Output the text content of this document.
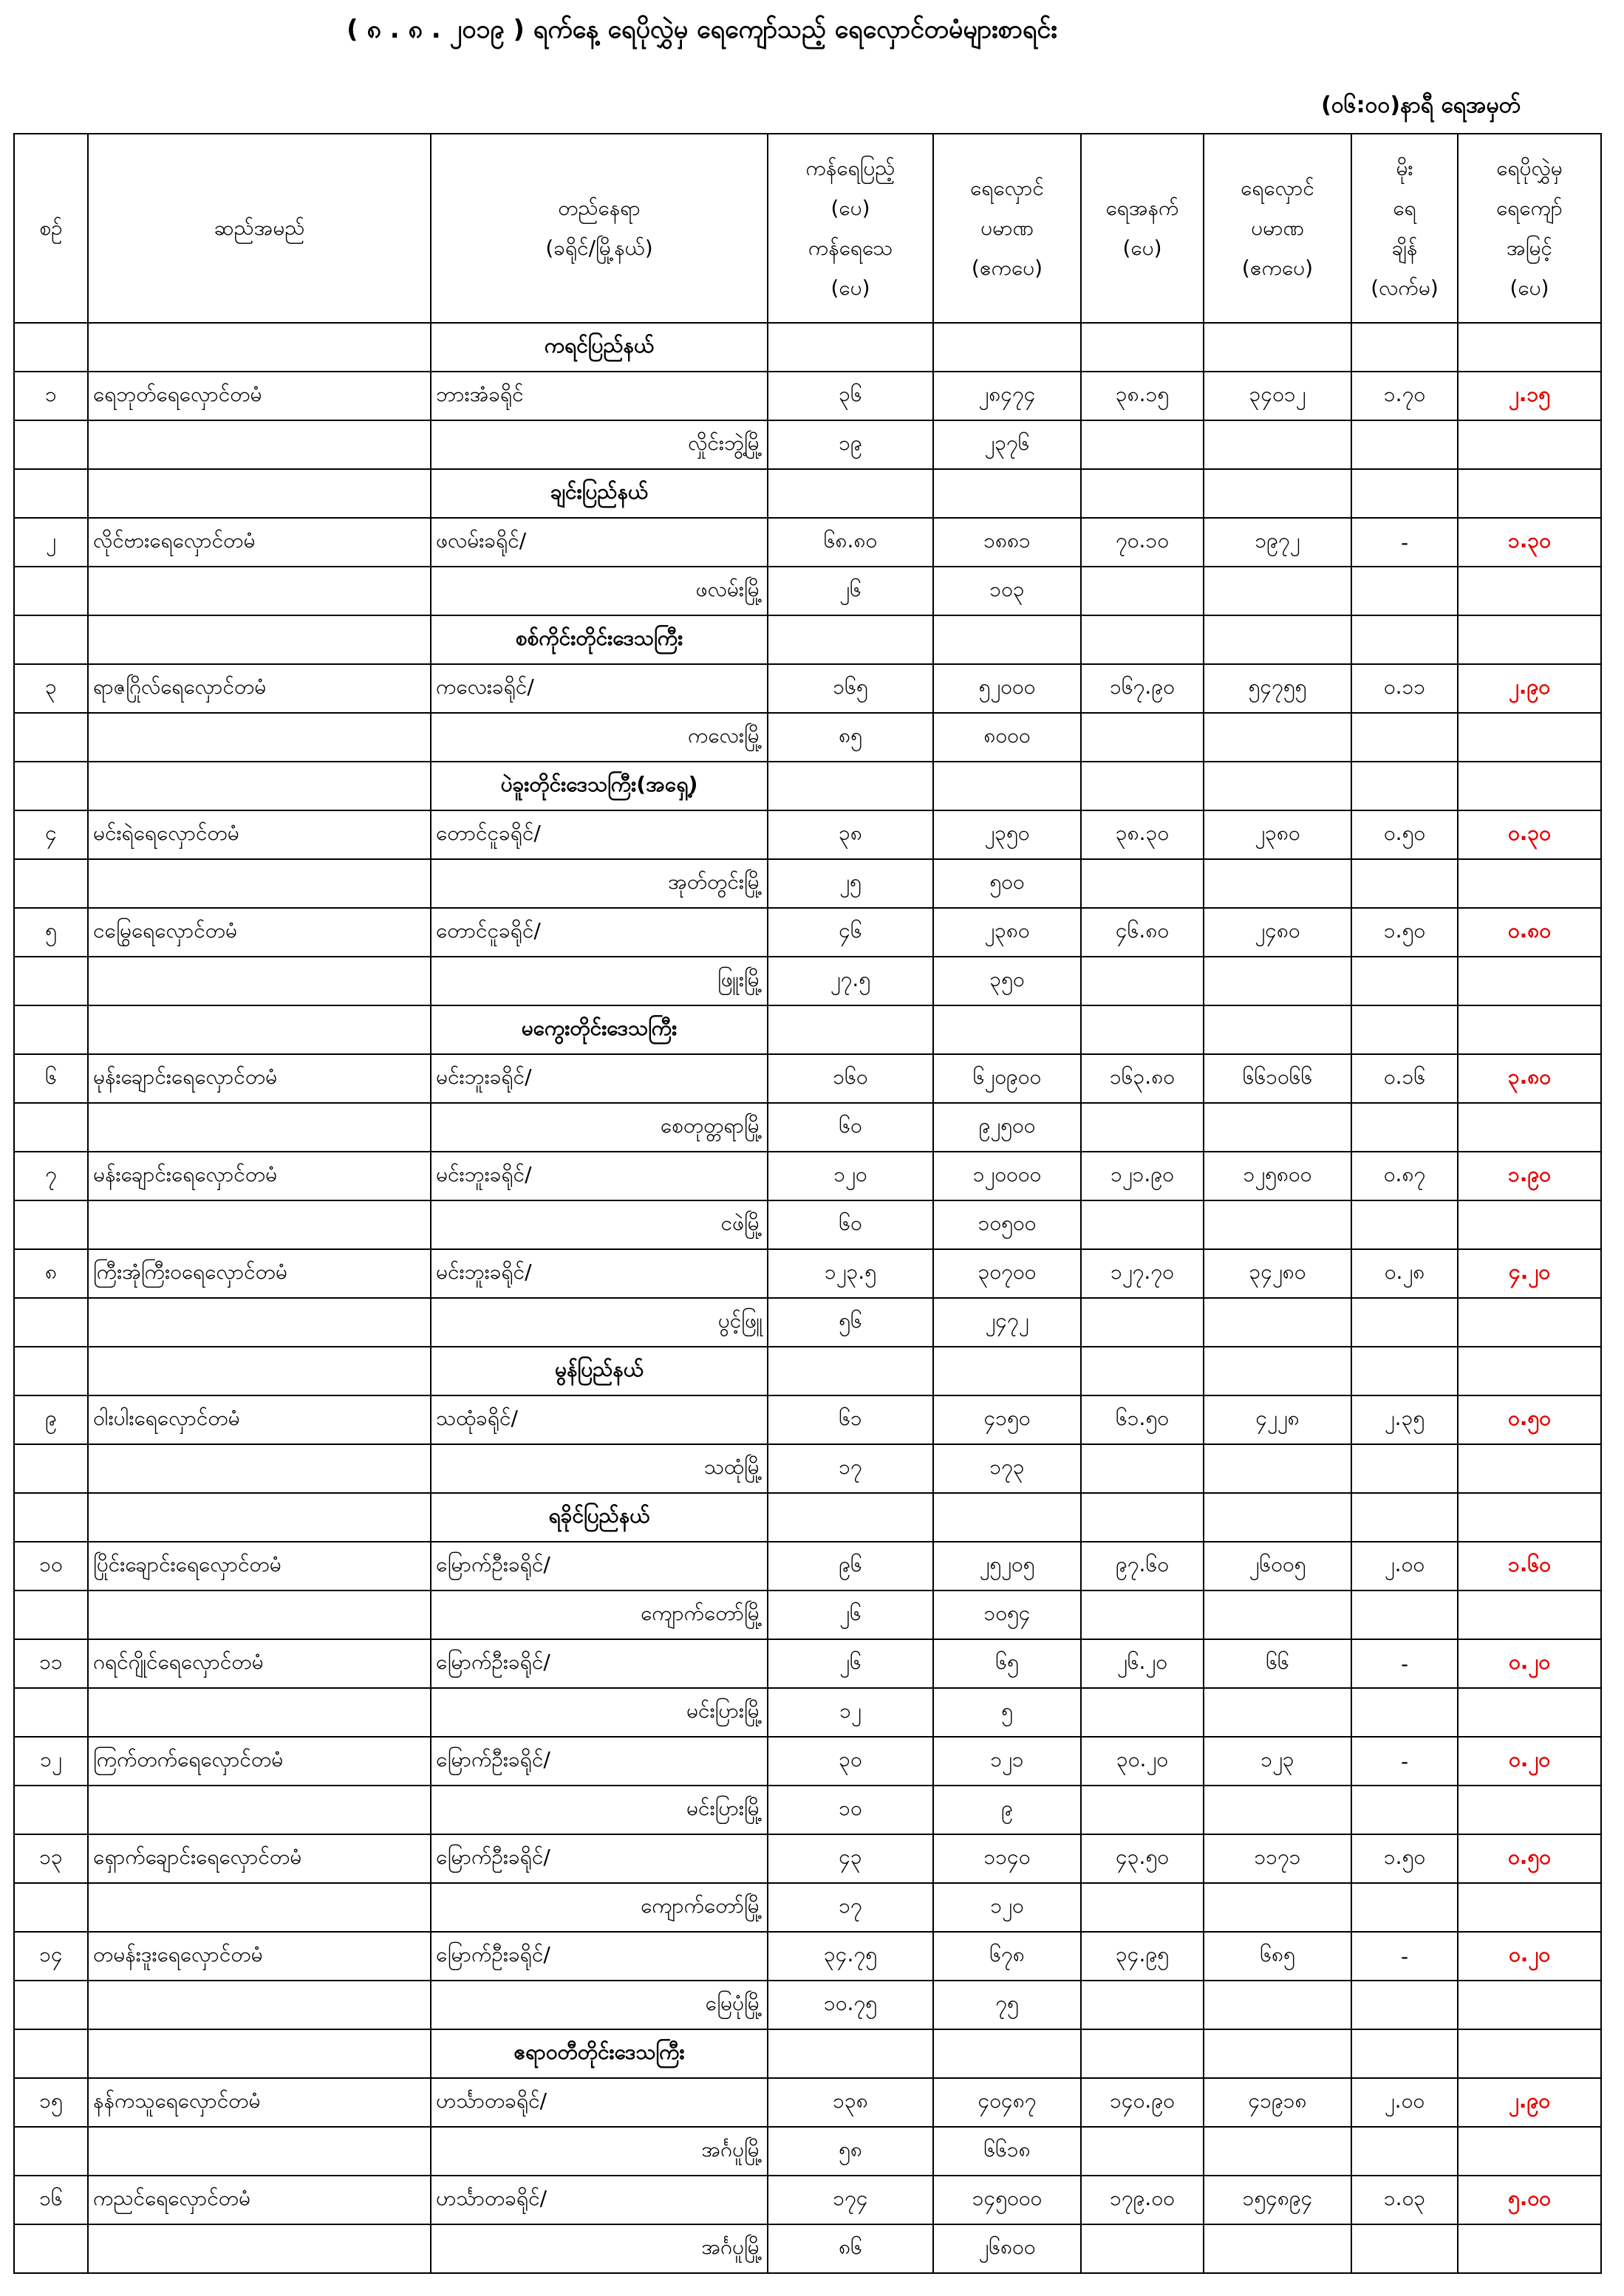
( ၈ . ၈ . ၂၀၁၉ ) ရက်နေ့ ရေပိုလွှဲမှ ရေကျော်သည့် ရေလှောင်တမံများစာရင်း
(၀၆:၀၀)နာရီ ရေအမှတ်
စဉ်	ဆည်အမည်	တည်နေရာ
(ခရိုင်/မြို့နယ်)	ကန်ရေပြည့်
(ပေ)
ကန်ရေသေ
(ပေ)	ရေလှောင်
ပမာဏ
(ဧကပေ)	ရေအနက်
(ပေ)	ရေလှောင်
ပမာဏ
(ဧကပေ)	မိုး
ရေ
ချိန်
(လက်မ)	ရေပိုလွှဲမှ
ရေကျော်
အမြင့်
(ပေ)

		ကရင်ပြည်နယ်						
၁	ရေဘုတ်ရေလှောင်တမံ	ဘားအံခရိုင်	၃၆	၂၈၄၇၄	၃၈.၁၅	၃၄၀၁၂	၁.၇၀	၂.၁၅
		လှိုင်းဘွဲ့မြို့	၁၉	၂၃၇၆				
		ချင်းပြည်နယ်						
၂	လိုင်ဗားရေလှောင်တမံ	ဖလမ်းခရိုင်/	၆၈.၈၀	၁၈၈၁	၇၀.၁၀	၁၉၇၂	-	၁.၃၀
		ဖလမ်းမြို့	၂၆	၁၀၃				
		စစ်ကိုင်းတိုင်းဒေသကြီး						
၃	ရာဇဂြိုလ်ရေလှောင်တမံ	ကလေးခရိုင်/	၁၆၅	၅၂၀၀၀	၁၆၇.၉၀	၅၄၇၅၅	၀.၁၁	၂.၉၀
		ကလေးမြို့	၈၅	၈၀၀၀				
		ပဲခူးတိုင်းဒေသကြီး(အရှေ့)						
၄	မင်းရဲရေလှောင်တမံ	တောင်ငူခရိုင်/	၃၈	၂၃၅၀	၃၈.၃၀	၂၃၈၀	၀.၅၀	၀.၃၀
		အုတ်တွင်းမြို့	၂၅	၅၀၀				
၅	ငမြွေရေလှောင်တမံ	တောင်ငူခရိုင်/	၄၆	၂၃၈၀	၄၆.၈၀	၂၄၈၀	၁.၅၀	၀.၈၀
		ဖြူးမြို့	၂၇.၅	၃၅၀				
		မကွေးတိုင်းဒေသကြီး						
၆	မုန်းချောင်းရေလှောင်တမံ	မင်းဘူးခရိုင်/	၁၆၀	၆၂၀၉၀၀	၁၆၃.၈၀	၆၆၁၀၆၆	၀.၁၆	၃.၈၀
		စေတုတ္တရာမြို့	၆၀	၉၂၅၀၀				
၇	မန်းချောင်းရေလှောင်တမံ	မင်းဘူးခရိုင်/	၁၂၀	၁၂၀၀၀၀	၁၂၁.၉၀	၁၂၅၈၀၀	၀.၈၇	၁.၉၀
		ငဖဲမြို့	၆၀	၁၀၅၀၀				
၈	ကြီးအုံကြီးဝရေလှောင်တမံ	မင်းဘူးခရိုင်/	၁၂၃.၅	၃၀၇၀၀	၁၂၇.၇၀	၃၄၂၈၀	၀.၂၈	၄.၂၀
		ပွင့်ဖြူ	၅၆	၂၄၇၂				
		မွန်ပြည်နယ်						
၉	ဝါးပါးရေလှောင်တမံ	သထုံခရိုင်/	၆၁	၄၁၅၀	၆၁.၅၀	၄၂၂၈	၂.၃၅	၀.၅၀
		သထုံမြို့	၁၇	၁၇၃				
		ရခိုင်ပြည်နယ်						
၁၀	ပြိုင်းချောင်းရေလှောင်တမံ	မြောက်ဦးခရိုင်/	၉၆	၂၅၂၀၅	၉၇.၆၀	၂၆၀၀၅	၂.၀၀	၁.၆၀
		ကျောက်တော်မြို့	၂၆	၁၀၅၄				
၁၁	ဂရင်ဂျိုင်ရေလှောင်တမံ	မြောက်ဦးခရိုင်/	၂၆	၆၅	၂၆.၂၀	၆၆	-	၀.၂၀
		မင်းပြားမြို့	၁၂	၅				
၁၂	ကြက်တက်ရေလှောင်တမံ	မြောက်ဦးခရိုင်/	၃၀	၁၂၁	၃၀.၂၀	၁၂၃	-	၀.၂၀
		မင်းပြားမြို့	၁၀	၉				
၁၃	ရှောက်ချောင်းရေလှောင်တမံ	မြောက်ဦးခရိုင်/	၄၃	၁၁၄၀	၄၃.၅၀	၁၁၇၁	၁.၅၀	၀.၅၀
		ကျောက်တော်မြို့	၁၇	၁၂၀				
၁၄	တမန်းဒူးရေလှောင်တမံ	မြောက်ဦးခရိုင်/	၃၄.၇၅	၆၇၈	၃၄.၉၅	၆၈၅	-	၀.၂၀
		မြေပုံမြို့	၁၀.၇၅	၇၅				
		ဧရာဝတီတိုင်းဒေသကြီး						
၁၅	နန်ကသူရေလှောင်တမံ	ဟင်္သာတခရိုင်/	၁၃၈	၄၀၄၈၇	၁၄၀.၉၀	၄၁၉၁၈	၂.၀၀	၂.၉၀
		အင်္ဂပူမြို့	၅၈	၆၆၁၈				
၁၆	ကညင်ရေလှောင်တမံ	ဟင်္သာတခရိုင်/	၁၇၄	၁၄၅၀၀၀	၁၇၉.၀၀	၁၅၄၈၉၄	၁.၀၃	၅.၀၀
		အင်္ဂပူမြို့	၈၆	၂၆၈၀၀				
